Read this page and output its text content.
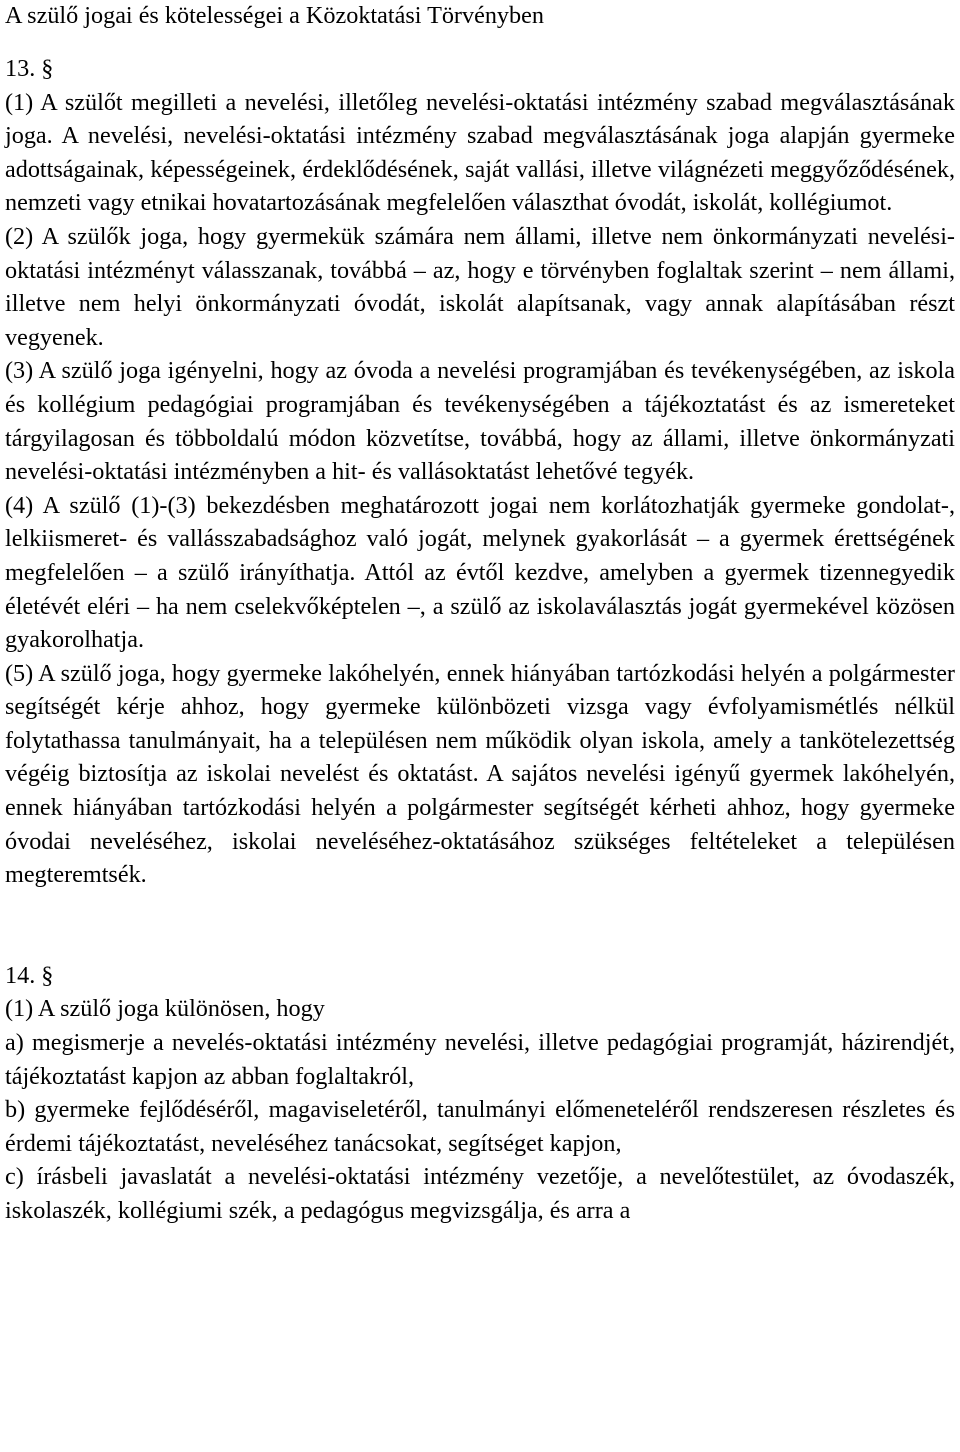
A szülő jogai és kötelességei a Közoktatási Törvényben

13. §

(1) A szülőt megilleti a nevelési, illetőleg nevelési-oktatási intézmény szabad megválasztásának joga. A nevelési, nevelési-oktatási intézmény szabad megválasztásának joga alapján gyermeke adottságainak, képességeinek, érdeklődésének, saját vallási, illetve világnézeti meggyőződésének, nemzeti vagy etnikai hovatartozásának megfelelően választhat óvodát, iskolát, kollégiumot.

(2) A szülők joga, hogy gyermekük számára nem állami, illetve nem önkormányzati nevelési-oktatási intézményt válasszanak, továbbá – az, hogy e törvényben foglaltak szerint – nem állami, illetve nem helyi önkormányzati óvodát, iskolát alapítsanak, vagy annak alapításában részt vegyenek.

(3) A szülő joga igényelni, hogy az óvoda a nevelési programjában és tevékenységében, az iskola és kollégium pedagógiai programjában és tevékenységében a tájékoztatást és az ismereteket tárgyilagosan és többoldalú módon közvetítse, továbbá, hogy az állami, illetve önkormányzati nevelési-oktatási intézményben a hit- és vallásoktatást lehetővé tegyék.

(4) A szülő (1)-(3) bekezdésben meghatározott jogai nem korlátozhatják gyermeke gondolat-, lelkiismeret- és vallásszabadsághoz való jogát, melynek gyakorlását – a gyermek érettségének megfelelően – a szülő irányíthatja. Attól az évtől kezdve, amelyben a gyermek tizennegyedik életévét eléri – ha nem cselekvőképtelen –, a szülő az iskolaválasztás jogát gyermekével közösen gyakorolhatja.

(5) A szülő joga, hogy gyermeke lakóhelyén, ennek hiányában tartózkodási helyén a polgármester segítségét kérje ahhoz, hogy gyermeke különbözeti vizsga vagy évfolyamismétlés nélkül folytathassa tanulmányait, ha a településen nem működik olyan iskola, amely a tankötelezettség végéig biztosítja az iskolai nevelést és oktatást. A sajátos nevelési igényű gyermek lakóhelyén, ennek hiányában tartózkodási helyén a polgármester segítségét kérheti ahhoz, hogy gyermeke óvodai neveléséhez, iskolai neveléséhez-oktatásához szükséges feltételeket a településen megteremtsék.

14. §

(1) A szülő joga különösen, hogy

a) megismerje a nevelés-oktatási intézmény nevelési, illetve pedagógiai programját, házirendjét, tájékoztatást kapjon az abban foglaltakról,

b) gyermeke fejlődéséről, magaviseletéről, tanulmányi előmeneteléről rendszeresen részletes és érdemi tájékoztatást, neveléséhez tanácsokat, segítséget kapjon,

c) írásbeli javaslatát a nevelési-oktatási intézmény vezetője, a nevelőtestület, az óvodaszék, iskolaszék, kollégiumi szék, a pedagógus megvizsgálja, és arra a
